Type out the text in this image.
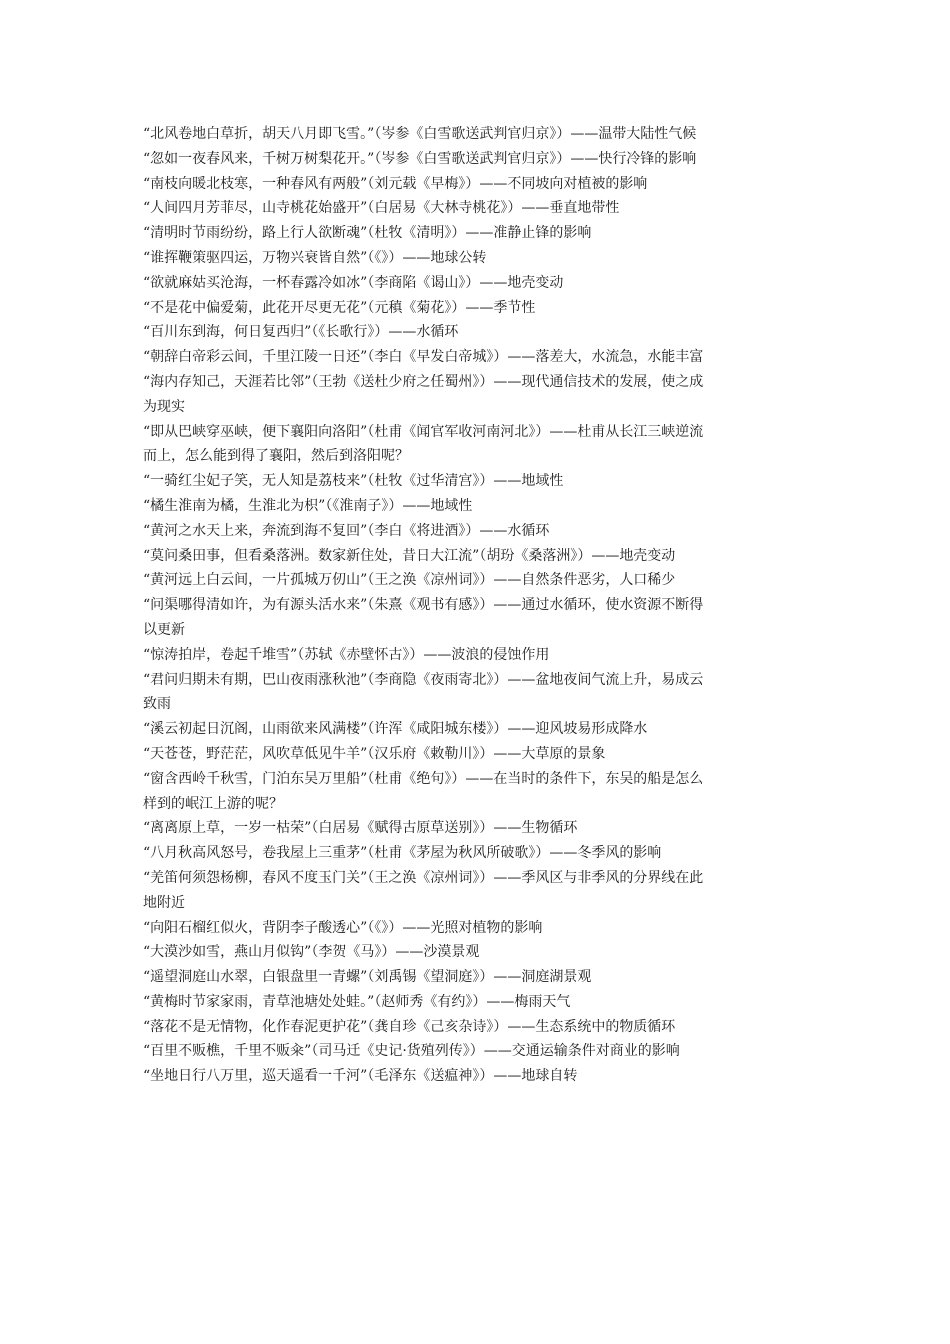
“北风卷地白草折，胡天八月即飞雪。”（岑参《白雪歌送武判官归京》）——温带大陆性气候
“忽如一夜春风来，千树万树梨花开。”（岑参《白雪歌送武判官归京》）——快行冷锋的影响
“南枝向暖北枝寒，一种春风有两般”（刘元载《早梅》）——不同坡向对植被的影响
“人间四月芳菲尽，山寺桃花始盛开”（白居易《大林寺桃花》）——垂直地带性
“清明时节雨纷纷，路上行人欲断魂”（杜牧《清明》）——准静止锋的影响
“谁挥鞭策驱四运，万物兴衰皆自然”（《》）——地球公转
“欲就麻姑买沧海，一杯春露冷如冰”（李商陷《谒山》）——地壳变动
“不是花中偏爱菊，此花开尽更无花”（元稹《菊花》）——季节性
“百川东到海，何日复西归”（《长歌行》）——水循环
“朝辞白帝彩云间，千里江陵一日还”（李白《早发白帝城》）——落差大，水流急，水能丰富
“海内存知己，天涯若比邻”（王勃《送杜少府之任蜀州》）——现代通信技术的发展，使之成
为现实
“即从巴峡穿巫峡，便下襄阳向洛阳”（杜甫《闻官军收河南河北》）——杜甫从长江三峡逆流
而上，怎么能到得了襄阳，然后到洛阳呢？
“一骑红尘妃子笑，无人知是荔枝来”（杜牧《过华清宫》）——地域性
“橘生淮南为橘，生淮北为枳”（《淮南子》）——地域性
“黄河之水天上来，奔流到海不复回”（李白《将进酒》）——水循环
“莫问桑田事，但看桑落洲。数家新住处，昔日大江流”（胡玢《桑落洲》）——地壳变动
“黄河远上白云间，一片孤城万仞山”（王之涣《凉州词》）——自然条件恶劣，人口稀少
“问渠哪得清如许，为有源头活水来”（朱熹《观书有感》）——通过水循环，使水资源不断得
以更新
“惊涛拍岸，卷起千堆雪”（苏轼《赤壁怀古》）——波浪的侵蚀作用
“君问归期未有期，巴山夜雨涨秋池”（李商隐《夜雨寄北》）——盆地夜间气流上升，易成云
致雨
“溪云初起日沉阁，山雨欲来风满楼”（许浑《咸阳城东楼》）——迎风坡易形成降水
“天苍苍，野茫茫，风吹草低见牛羊”（汉乐府《敕勒川》）——大草原的景象
“窗含西岭千秋雪，门泊东吴万里船”（杜甫《绝句》）——在当时的条件下，东吴的船是怎么
样到的岷江上游的呢？
“离离原上草，一岁一枯荣”（白居易《赋得古原草送别》）——生物循环
“八月秋高风怒号，卷我屋上三重茅”（杜甫《茅屋为秋风所破歌》）——冬季风的影响
“羌笛何须怨杨柳，春风不度玉门关”（王之涣《凉州词》）——季风区与非季风的分界线在此
地附近
“向阳石榴红似火，背阴李子酸透心”（《》）——光照对植物的影响
“大漠沙如雪，燕山月似钩”（李贺《马》）——沙漠景观
“遥望洞庭山水翠，白银盘里一青螺”（刘禹锡《望洞庭》）——洞庭湖景观
“黄梅时节家家雨，青草池塘处处蛙。”（赵师秀《有约》）——梅雨天气
“落花不是无情物，化作春泥更护花”（龚自珍《己亥杂诗》）——生态系统中的物质循环
“百里不贩樵，千里不贩籴”（司马迁《史记·货殖列传》）——交通运输条件对商业的影响
“坐地日行八万里，巡天遥看一千河”（毛泽东《送瘟神》）——地球自转
